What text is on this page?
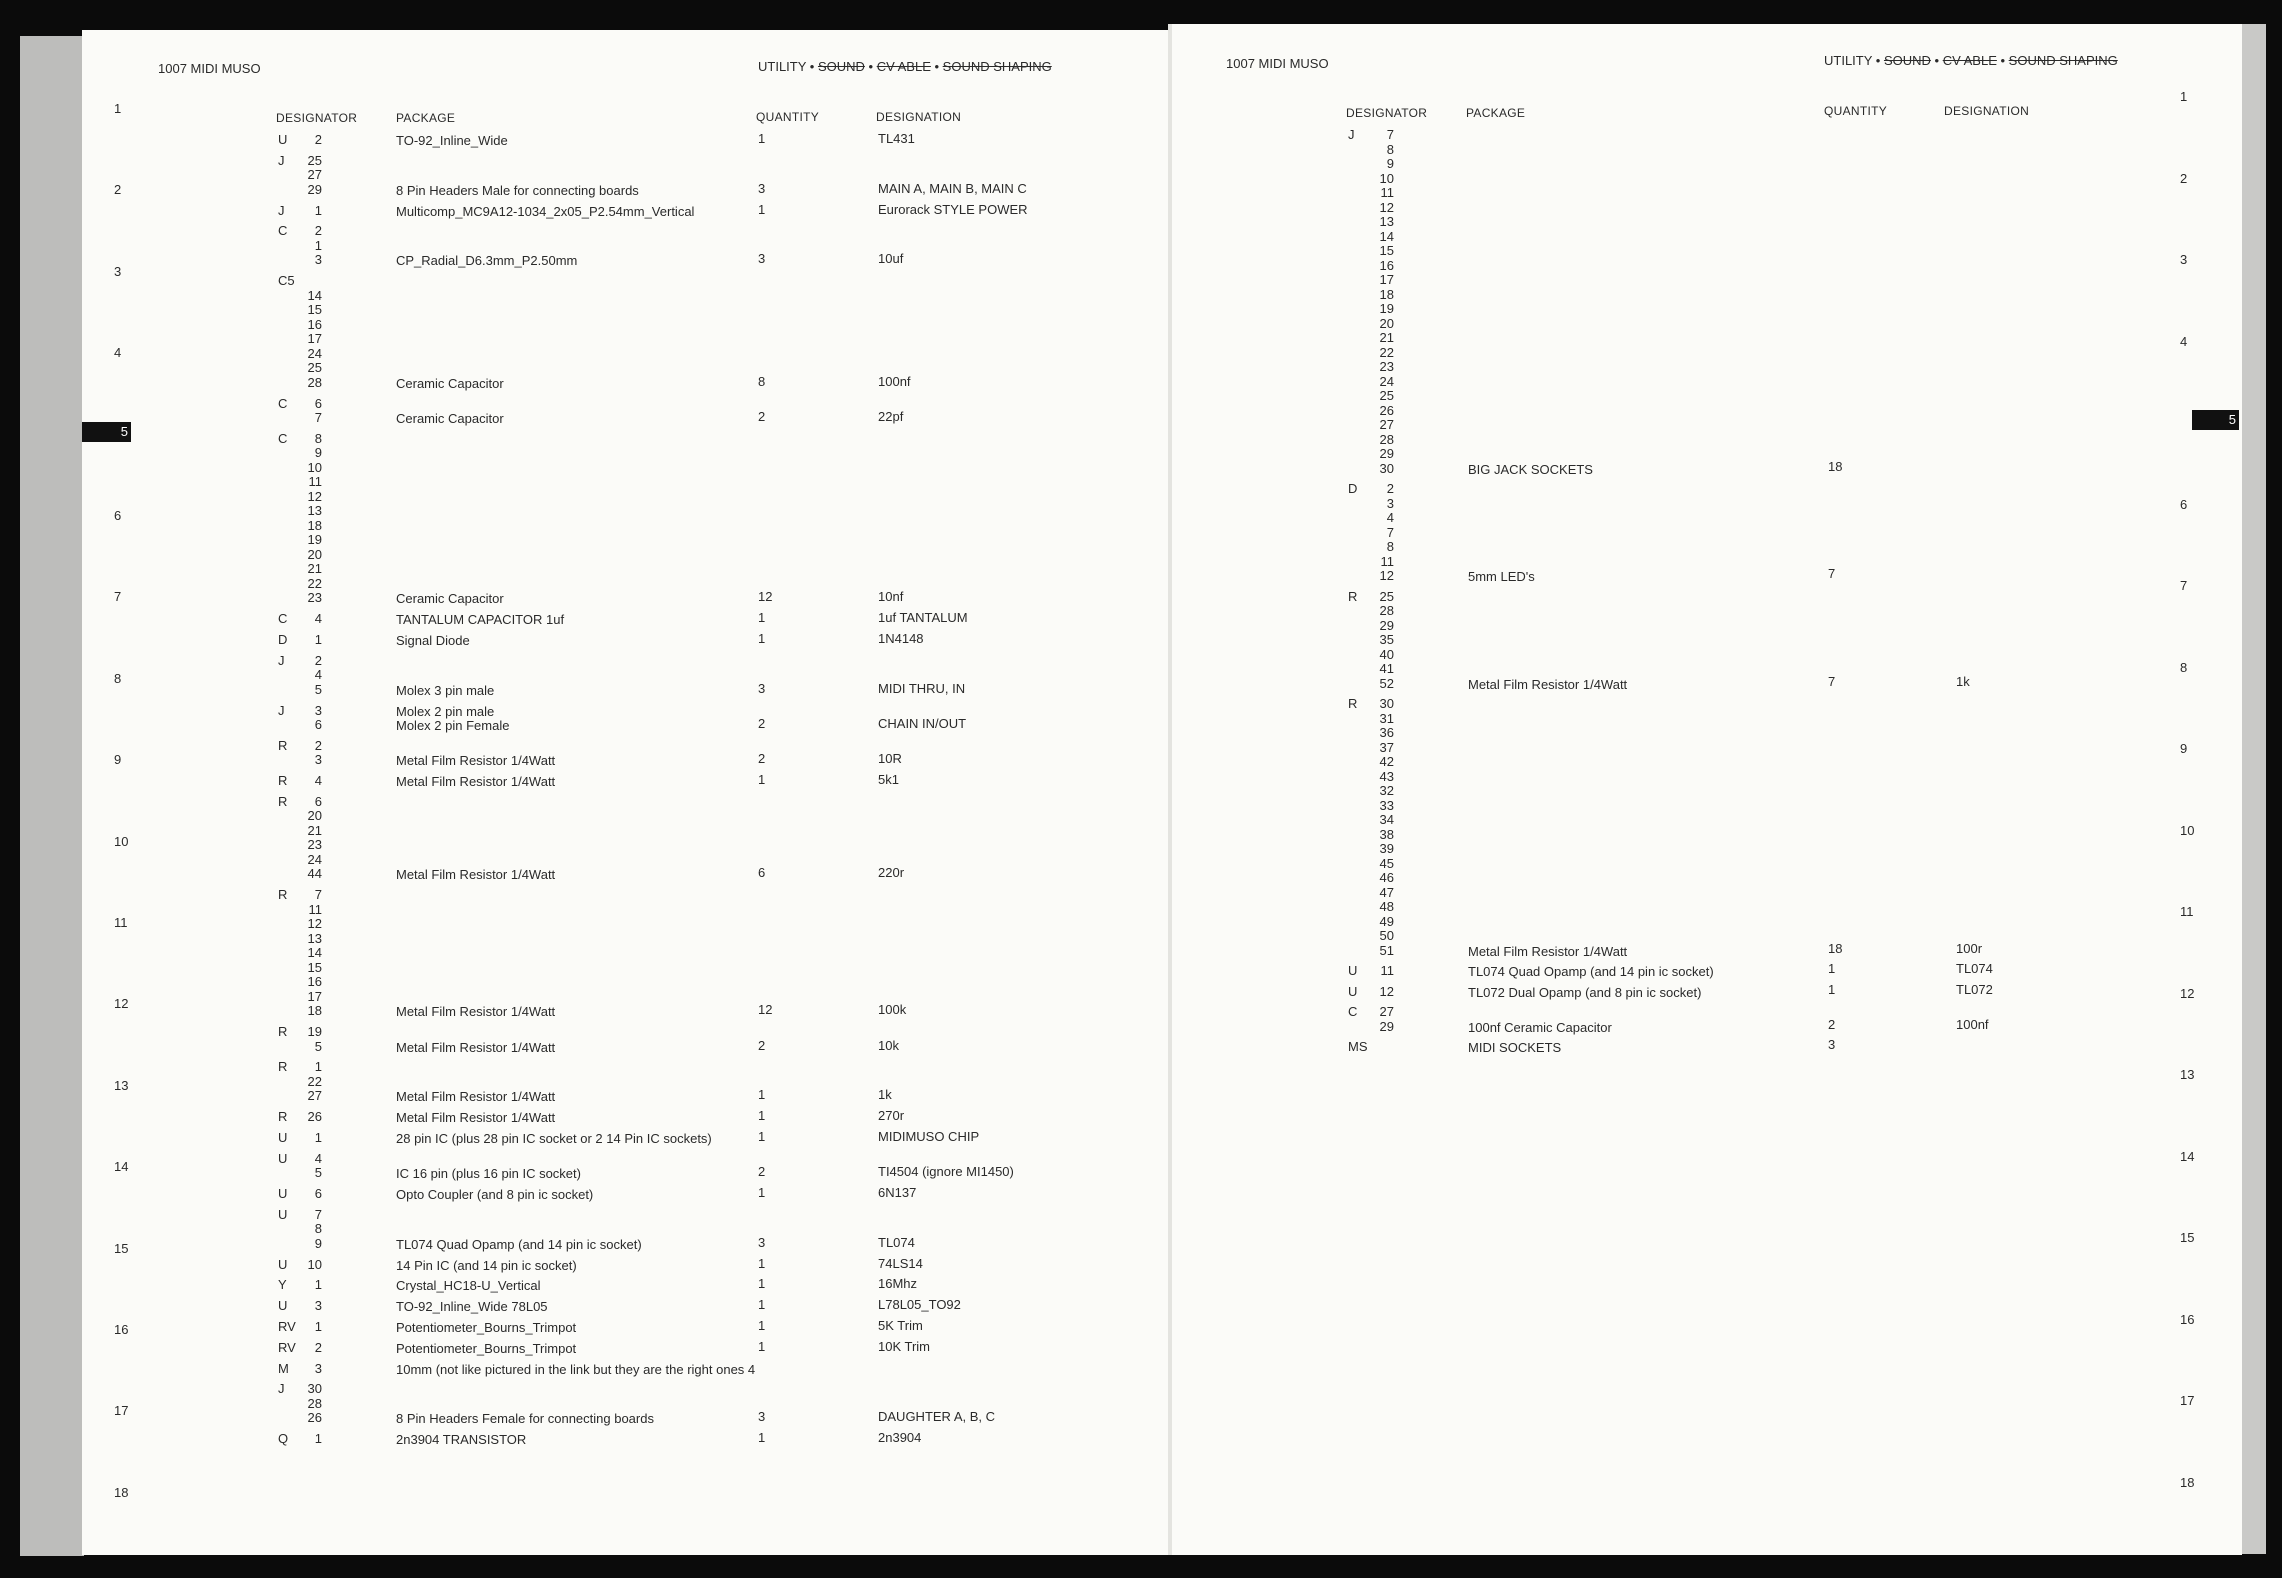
1007 MIDI MUSO	UTILITY • SOUND • CV ABLE • SOUND SHAPING
DESIGNATOR	PACKAGE	QUANTITY	DESIGNATION
1
2
3
4
5
6
7
8
9
10
11
12
13
14
15
16
17
18
U	2	TO-92_Inline_Wide	1	TL431
J	25
27
29	8 Pin Headers Male for connecting boards	3	MAIN A, MAIN B, MAIN C
J	1	Multicomp_MC9A12-1034_2x05_P2.54mm_Vertical	1	Eurorack STYLE POWER
C	2
1
3	CP_Radial_D6.3mm_P2.50mm	3	10uf
C5
14
15
16
17
24
25
28	Ceramic Capacitor	8	100nf
C	6
7	Ceramic Capacitor	2	22pf
C	8
9
10
11
12
13
18
19
20
21
22
23	Ceramic Capacitor	12	10nf
C	4	TANTALUM CAPACITOR 1uf	1	1uf TANTALUM
D	1	Signal Diode	1	1N4148
J	2
4
5	Molex 3 pin male	3	MIDI THRU, IN
J	3
6
Molex 2 pin male
Molex 2 pin Female	2	CHAIN IN/OUT
R	2
3	Metal Film Resistor 1/4Watt	2	10R
R	4	Metal Film Resistor 1/4Watt	1	5k1
R	6
20
21
23
24
44	Metal Film Resistor 1/4Watt	6	220r
R	7
11
12
13
14
15
16
17
18	Metal Film Resistor 1/4Watt	12	100k
R	19
5	Metal Film Resistor 1/4Watt	2	10k
R	1
22
27	Metal Film Resistor 1/4Watt	1	1k
R	26	Metal Film Resistor 1/4Watt	1	270r
U	1	28 pin IC (plus 28 pin IC socket or 2 14 Pin IC sockets)	1	MIDIMUSO CHIP
U	4
5	IC 16 pin (plus 16 pin IC socket)	2	TI4504 (ignore MI1450)
U	6	Opto Coupler (and 8 pin ic socket)	1	6N137
U	7
8
9	TL074 Quad Opamp (and 14 pin ic socket)	3	TL074
U	10	14 Pin IC (and 14 pin ic socket)	1	74LS14
Y	1	Crystal_HC18-U_Vertical	1	16Mhz
U	3	TO-92_Inline_Wide 78L05	1	L78L05_TO92
RV	1	Potentiometer_Bourns_Trimpot	1	5K Trim
RV	2	Potentiometer_Bourns_Trimpot	1	10K Trim
M	3	10mm (not like pictured in the link but they are the right ones 4
J	30
28
26	8 Pin Headers Female for connecting boards	3	DAUGHTER A, B, C
Q	1	2n3904 TRANSISTOR	1	2n3904
1007 MIDI MUSO	UTILITY • SOUND • CV ABLE • SOUND SHAPING
DESIGNATOR	PACKAGE	QUANTITY	DESIGNATION
1
2
3
4
5
6
7
8
9
10
11
12
13
14
15
16
17
18
J	7
8
9
10
11
12
13
14
15
16
17
18
19
20
21
22
23
24
25
26
27
28
29
30	BIG JACK SOCKETS	18
D	2
3
4
7
8
11
12	5mm LED's	7
R	25
28
29
35
40
41
52	Metal Film Resistor 1/4Watt	7	1k
R	30
31
36
37
42
43
32
33
34
38
39
45
46
47
48
49
50
51	Metal Film Resistor 1/4Watt	18	100r
U	11	TL074 Quad Opamp (and 14 pin ic socket)	1	TL074
U	12	TL072 Dual Opamp (and 8 pin ic socket)	1	TL072
C	27
29	100nf Ceramic Capacitor	2	100nf
MS	MIDI SOCKETS	3
